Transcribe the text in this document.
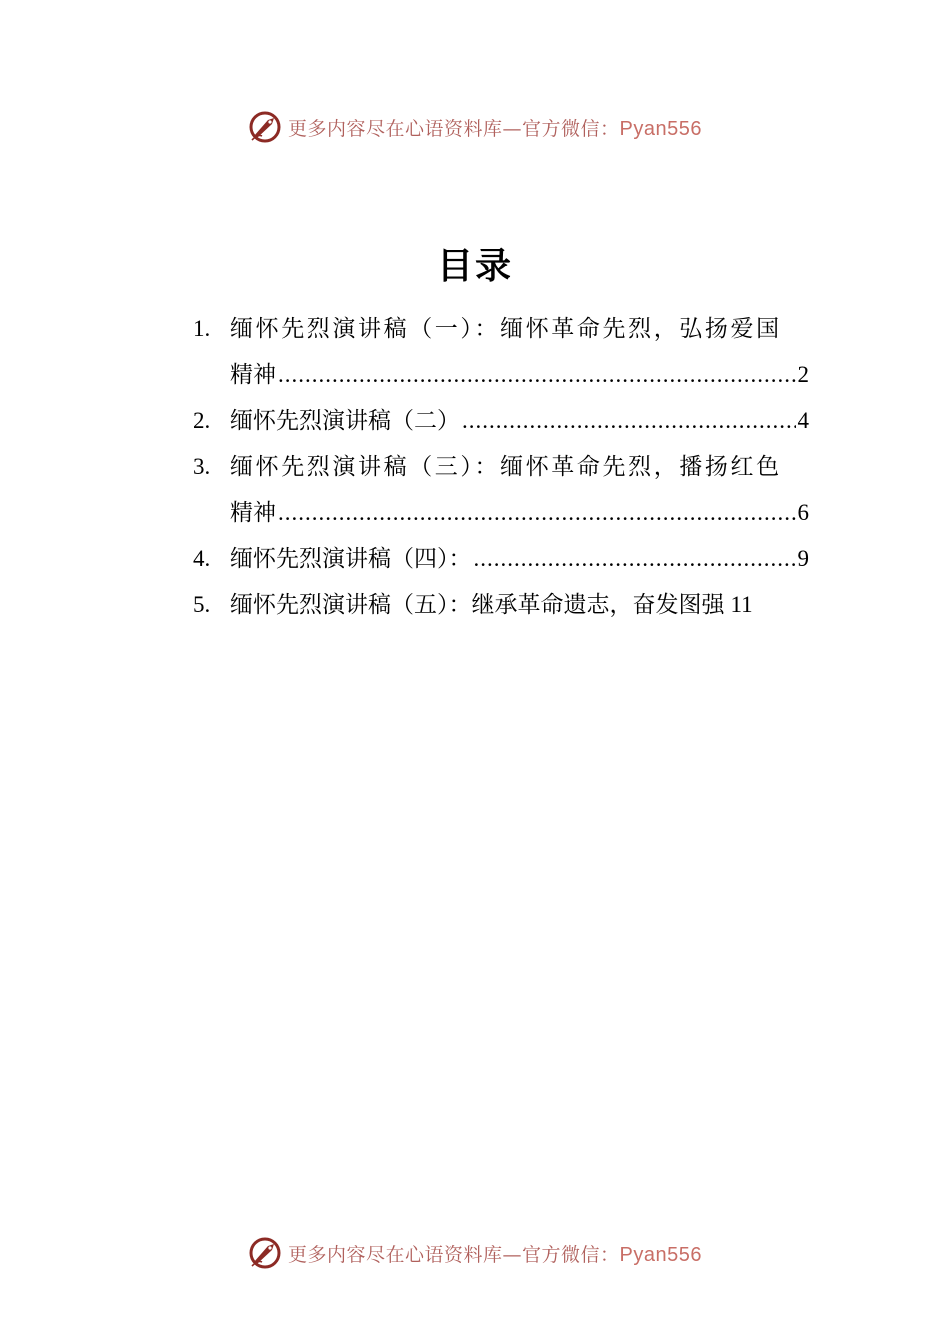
更多内容尽在心语资料库—官方微信：Pyan556
目录
1. 缅怀先烈演讲稿（一）：缅怀革命先烈，弘扬爱国
精神 .....	2
2. 缅怀先烈演讲稿（二） .....	4
3. 缅怀先烈演讲稿（三）：缅怀革命先烈，播扬红色
精神 .....	6
4. 缅怀先烈演讲稿（四）： .....	9
5. 缅怀先烈演讲稿（五）：继承革命遗志，奋发图强 11
更多内容尽在心语资料库—官方微信：Pyan556
